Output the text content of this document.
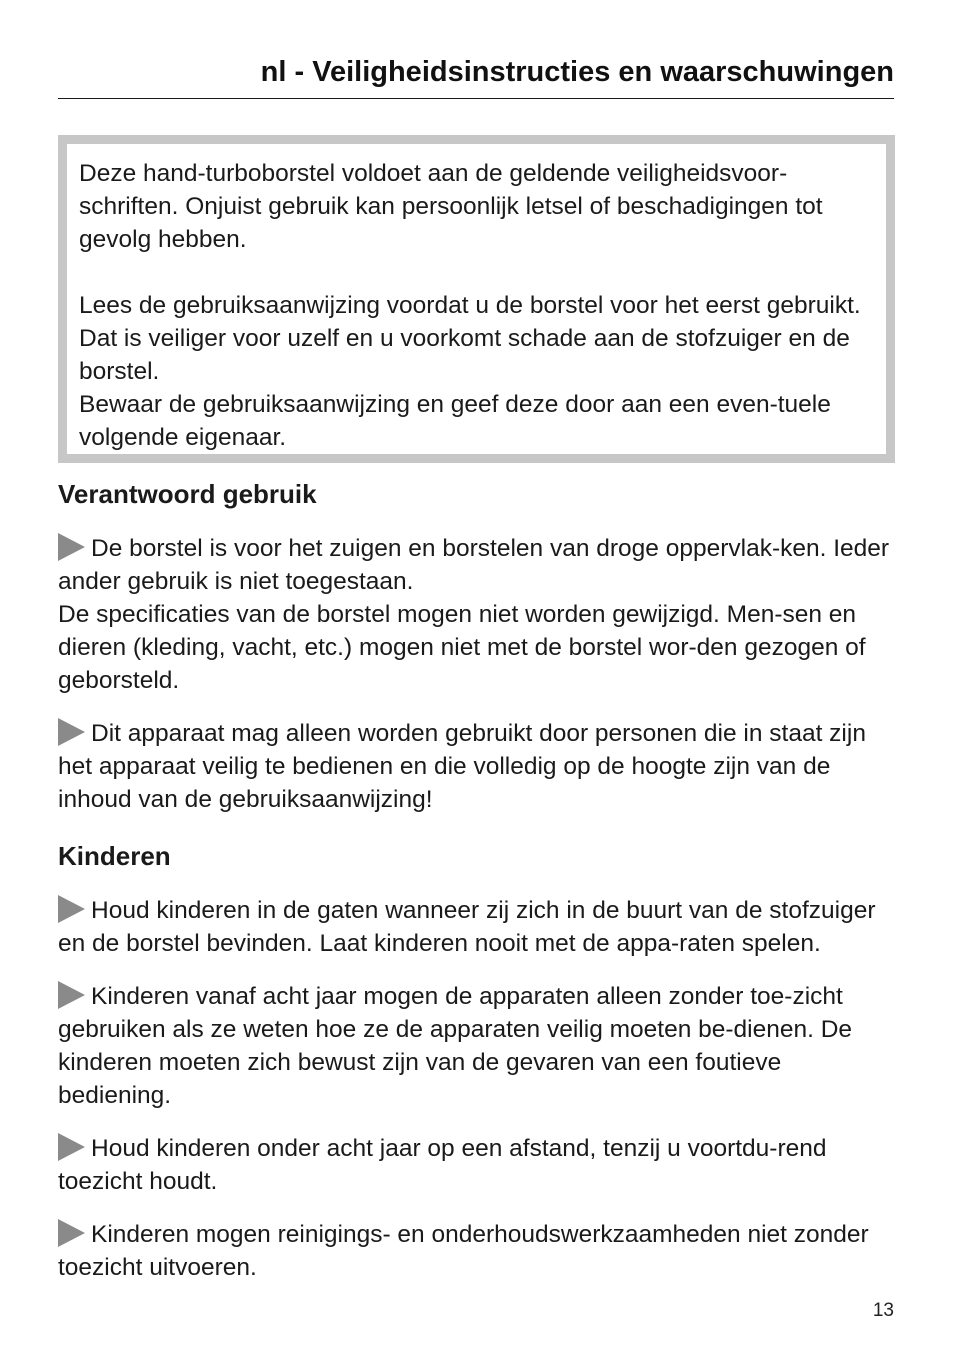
nl - Veiligheidsinstructies en waarschuwingen

Deze hand-turboborstel voldoet aan de geldende veiligheidsvoor-schriften. Onjuist gebruik kan persoonlijk letsel of beschadigingen tot gevolg hebben.

Lees de gebruiksaanwijzing voordat u de borstel voor het eerst gebruikt. Dat is veiliger voor uzelf en u voorkomt schade aan de stofzuiger en de borstel.

Bewaar de gebruiksaanwijzing en geef deze door aan een even-tuele volgende eigenaar.

Verantwoord gebruik

De borstel is voor het zuigen en borstelen van droge oppervlak-ken. Ieder ander gebruik is niet toegestaan.

De specificaties van de borstel mogen niet worden gewijzigd. Men-sen en dieren (kleding, vacht, etc.) mogen niet met de borstel wor-den gezogen of geborsteld.

Dit apparaat mag alleen worden gebruikt door personen die in staat zijn het apparaat veilig te bedienen en die volledig op de hoogte zijn van de inhoud van de gebruiksaanwijzing!

Kinderen

Houd kinderen in de gaten wanneer zij zich in de buurt van de stofzuiger en de borstel bevinden. Laat kinderen nooit met de appa-raten spelen.

Kinderen vanaf acht jaar mogen de apparaten alleen zonder toe-zicht gebruiken als ze weten hoe ze de apparaten veilig moeten be-dienen. De kinderen moeten zich bewust zijn van de gevaren van een foutieve bediening.

Houd kinderen onder acht jaar op een afstand, tenzij u voortdu-rend toezicht houdt.

Kinderen mogen reinigings- en onderhoudswerkzaamheden niet zonder toezicht uitvoeren.

13
